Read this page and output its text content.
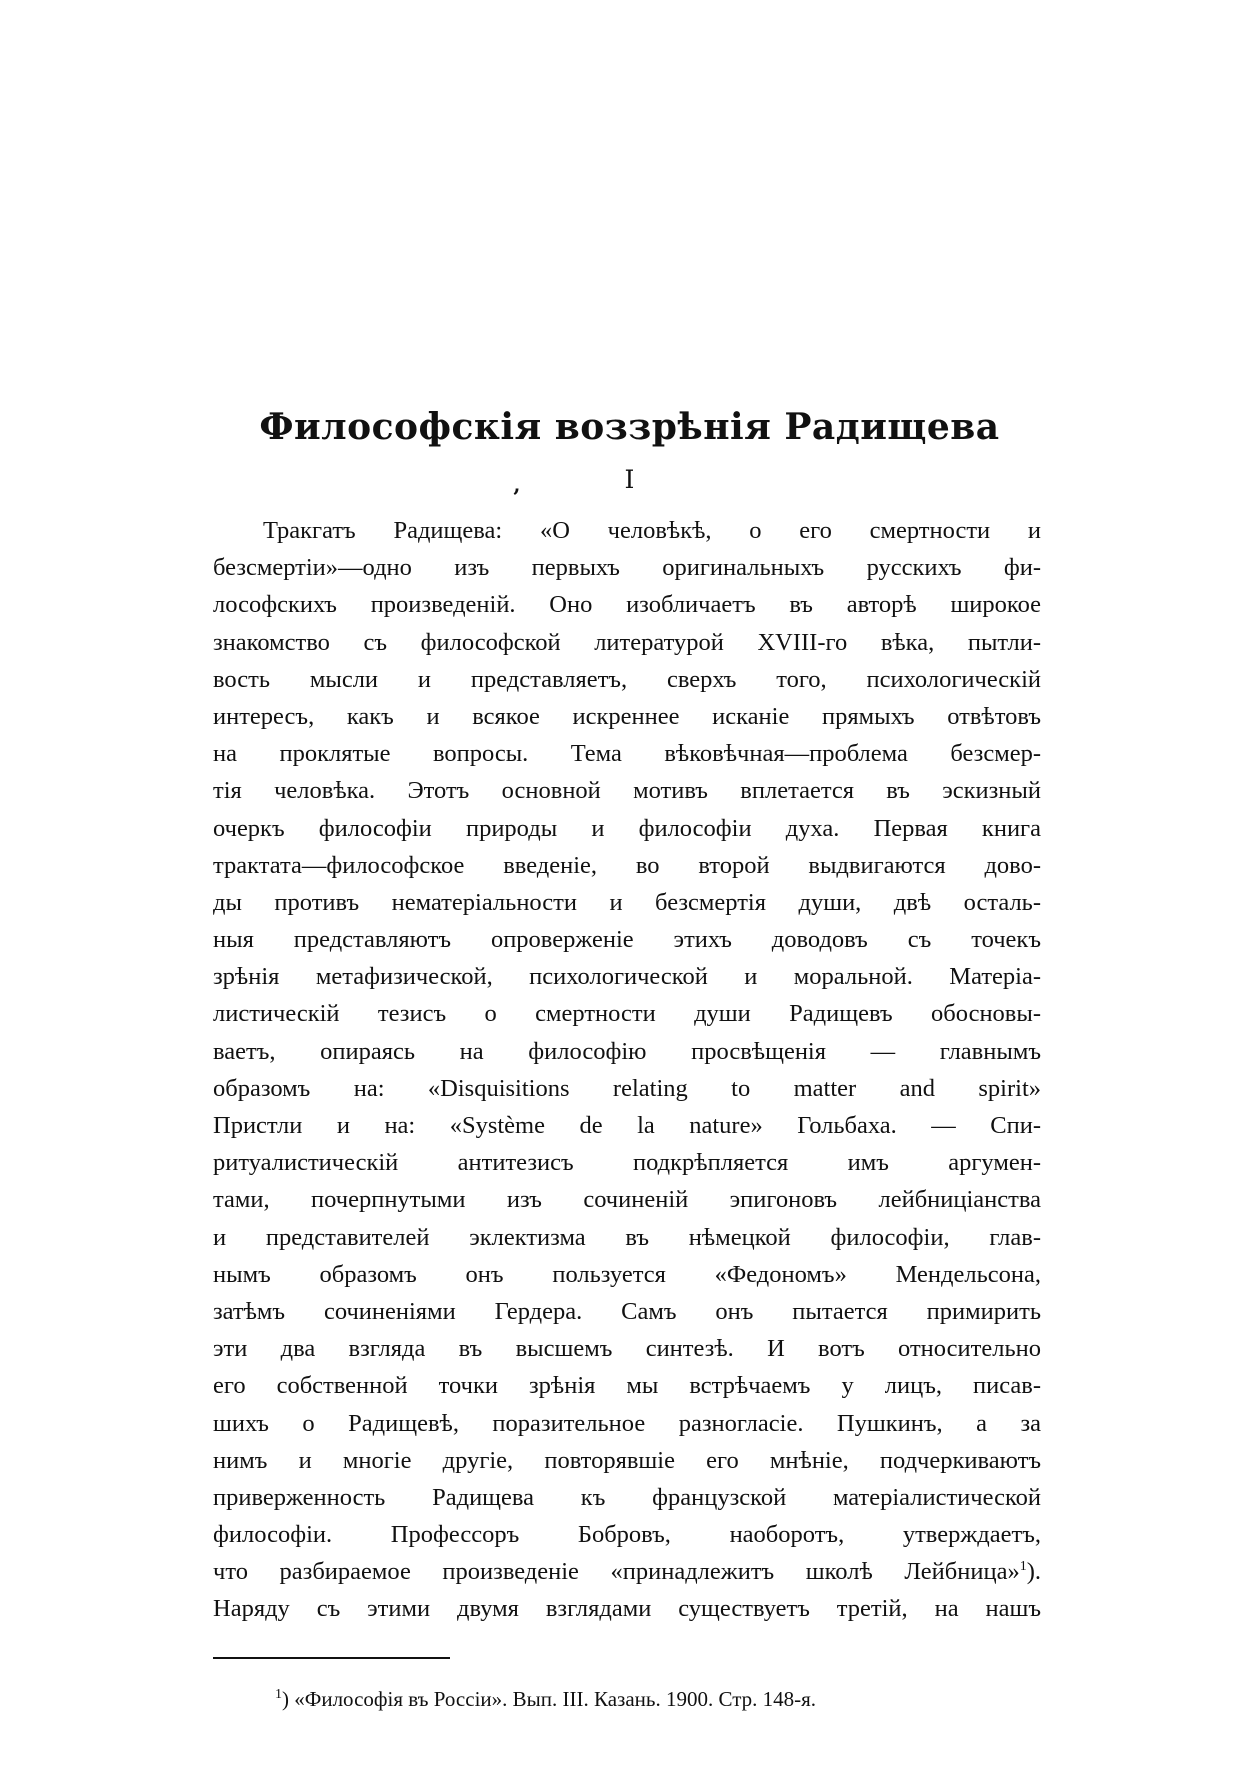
Философскія воззрѣнія Радищева
‚	I
Тракгатъ Радищева: «О человѣкѣ, о его смертности и
безсмертіи»—одно изъ первыхъ оригинальныхъ русскихъ фи-
лософскихъ произведеній. Оно изобличаетъ въ авторѣ широкое
знакомство съ философской литературой XVIII-го вѣка, пытли-
вость мысли и представляетъ, сверхъ того, психологическій
интересъ, какъ и всякое искреннее исканіе прямыхъ отвѣтовъ
на проклятые вопросы. Тема вѣковѣчная—проблема безсмер-
тія человѣка. Этотъ основной мотивъ вплетается въ эскизный
очеркъ философіи природы и философіи духа. Первая книга
трактата—философское введеніе, во второй выдвигаются дово-
ды противъ нематеріальности и безсмертія души, двѣ осталь-
ныя представляютъ опроверженіе этихъ доводовъ съ точекъ
зрѣнія метафизической, психологической и моральной. Матеріа-
листическій тезисъ о смертности души Радищевъ обосновы-
ваетъ, опираясь на философію просвѣщенія — главнымъ
образомъ на: «Disquisitions relating to matter and spirit»
Пристли и на: «Système de la nature» Гольбаха. — Спи-
ритуалистическій антитезисъ подкрѣпляется имъ аргумен-
тами, почерпнутыми изъ сочиненій эпигоновъ лейбниціанства
и представителей эклектизма въ нѣмецкой философіи, глав-
нымъ образомъ онъ пользуется «Федономъ» Мендельсона,
затѣмъ сочиненіями Гердера. Самъ онъ пытается примирить
эти два взгляда въ высшемъ синтезѣ. И вотъ относительно
его собственной точки зрѣнія мы встрѣчаемъ у лицъ, писав-
шихъ о Радищевѣ, поразительное разногласіе. Пушкинъ, а за
нимъ и многіе другіе, повторявшіе его мнѣніе, подчеркиваютъ
приверженность Радищева къ французской матеріалистической
философіи. Профессоръ Бобровъ, наоборотъ, утверждаетъ,
что разбираемое произведеніе «принадлежитъ школѣ Лейбница»$^1$).
Наряду съ этими двумя взглядами существуетъ третій, на нашъ

$^1$) «Философія въ Россіи». Вып. III. Казань. 1900. Стр. 148-я.
